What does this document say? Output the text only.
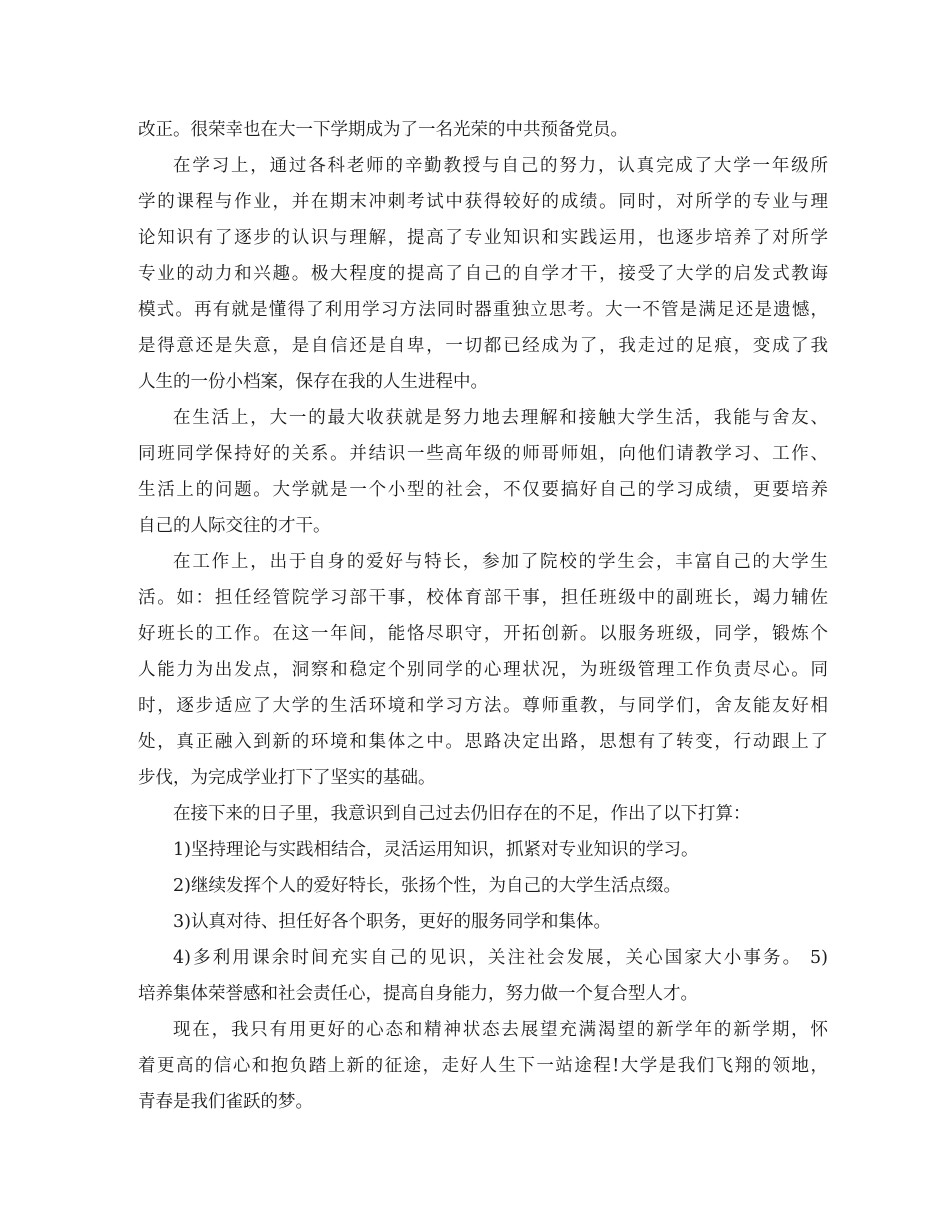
改正。很荣幸也在大一下学期成为了一名光荣的中共预备党员。
在学习上，通过各科老师的辛勤教授与自己的努力，认真完成了大学一年级所
学的课程与作业，并在期末冲刺考试中获得较好的成绩。同时，对所学的专业与理
论知识有了逐步的认识与理解，提高了专业知识和实践运用，也逐步培养了对所学
专业的动力和兴趣。极大程度的提高了自己的自学才干，接受了大学的启发式教诲
模式。再有就是懂得了利用学习方法同时器重独立思考。大一不管是满足还是遗憾，
是得意还是失意，是自信还是自卑，一切都已经成为了，我走过的足痕，变成了我
人生的一份小档案，保存在我的人生进程中。
在生活上，大一的最大收获就是努力地去理解和接触大学生活，我能与舍友、
同班同学保持好的关系。并结识一些高年级的师哥师姐，向他们请教学习、工作、
生活上的问题。大学就是一个小型的社会，不仅要搞好自己的学习成绩，更要培养
自己的人际交往的才干。
在工作上，出于自身的爱好与特长，参加了院校的学生会，丰富自己的大学生
活。如：担任经管院学习部干事，校体育部干事，担任班级中的副班长，竭力辅佐
好班长的工作。在这一年间，能恪尽职守，开拓创新。以服务班级，同学，锻炼个
人能力为出发点，洞察和稳定个别同学的心理状况，为班级管理工作负责尽心。同
时，逐步适应了大学的生活环境和学习方法。尊师重教，与同学们，舍友能友好相
处，真正融入到新的环境和集体之中。思路决定出路，思想有了转变，行动跟上了
步伐，为完成学业打下了坚实的基础。
在接下来的日子里，我意识到自己过去仍旧存在的不足，作出了以下打算：
1)坚持理论与实践相结合，灵活运用知识，抓紧对专业知识的学习。
2)继续发挥个人的爱好特长，张扬个性，为自己的大学生活点缀。
3)认真对待、担任好各个职务，更好的服务同学和集体。
4)多利用课余时间充实自己的见识，关注社会发展，关心国家大小事务。 5)
培养集体荣誉感和社会责任心，提高自身能力，努力做一个复合型人才。
现在，我只有用更好的心态和精神状态去展望充满渴望的新学年的新学期，怀
着更高的信心和抱负踏上新的征途，走好人生下一站途程!大学是我们飞翔的领地，
青春是我们雀跃的梦。
